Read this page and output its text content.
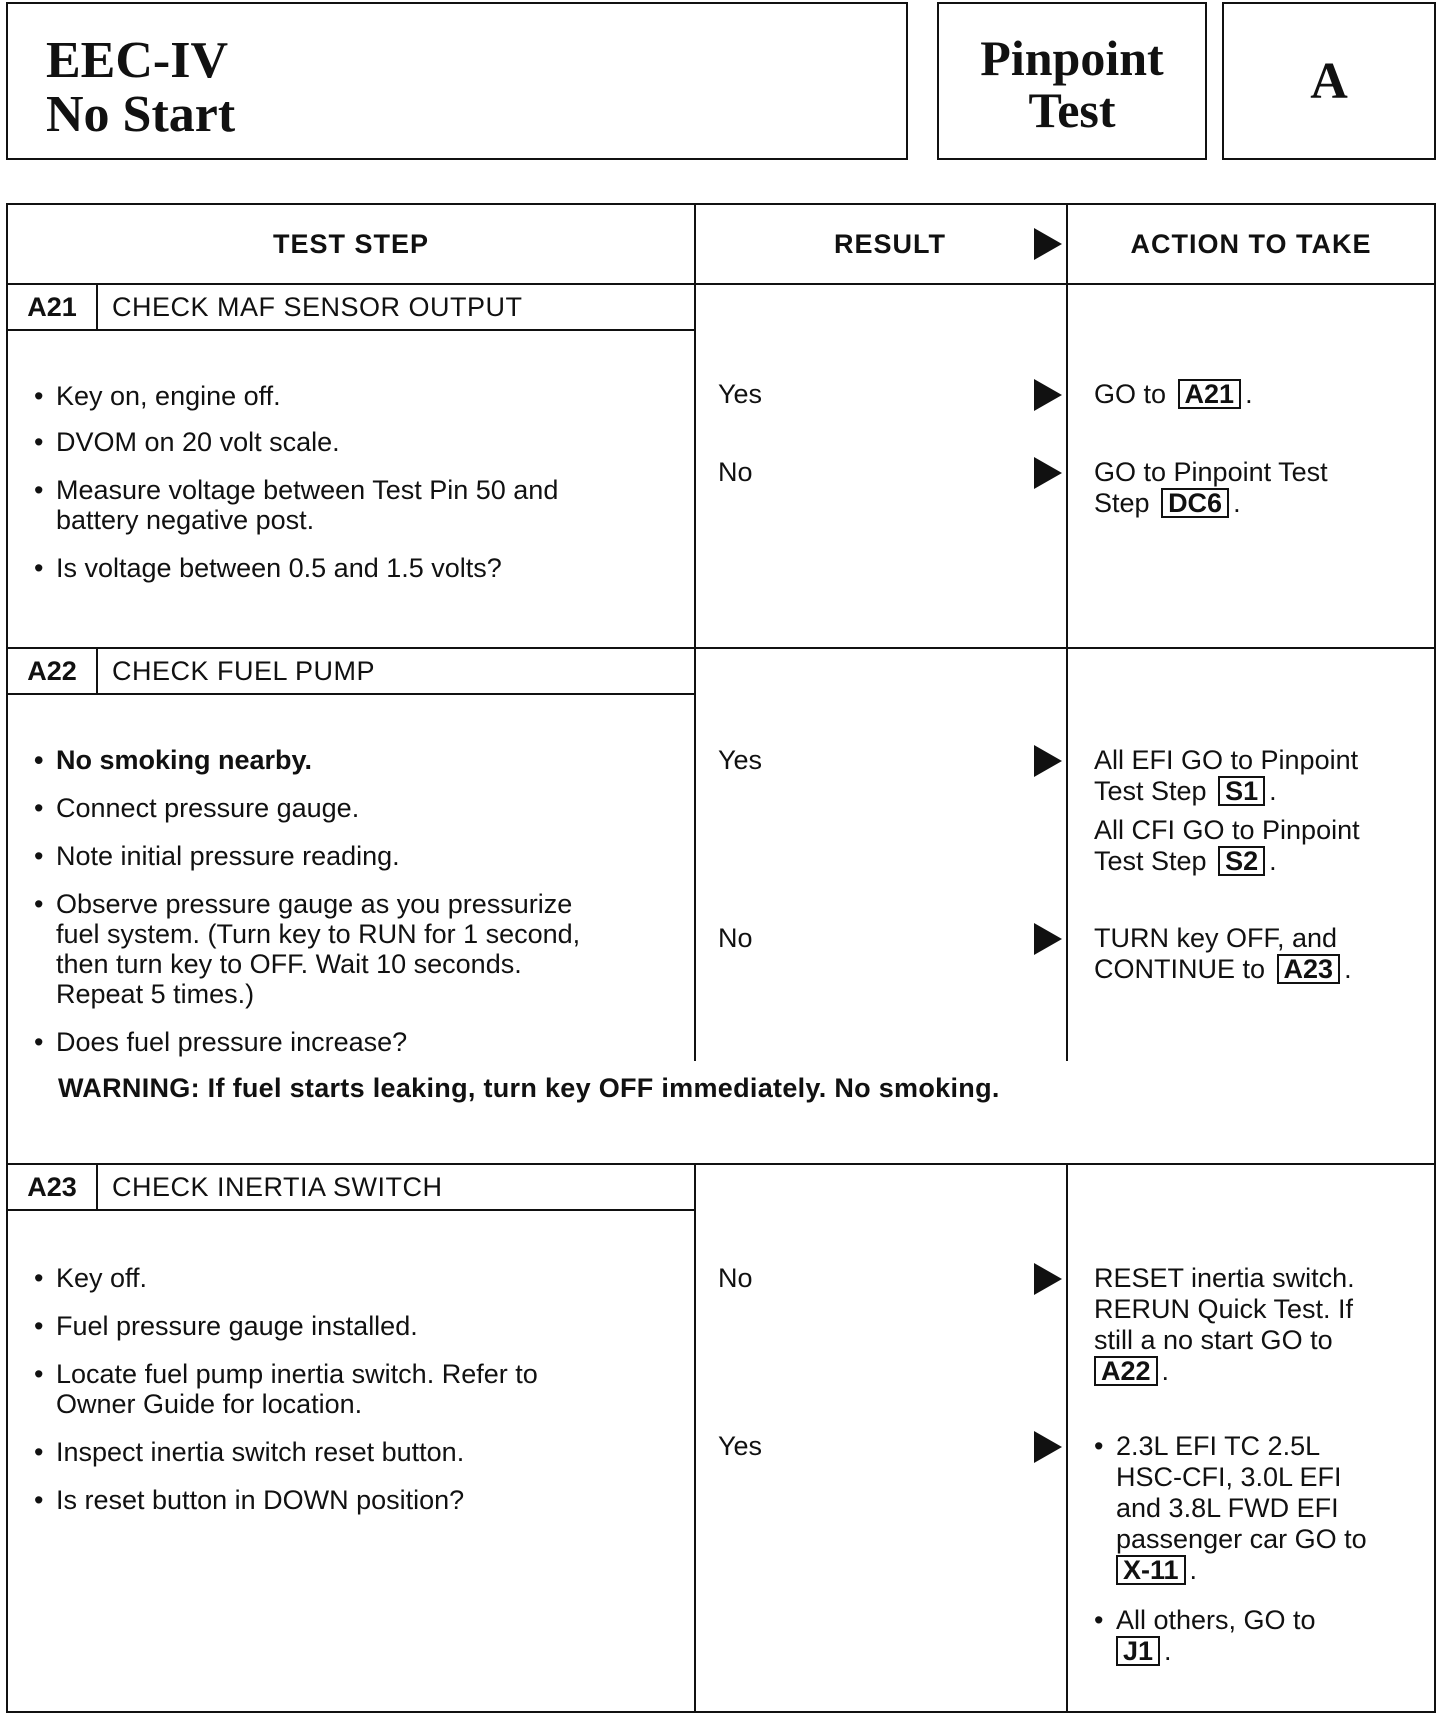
EEC-IV
No Start
Pinpoint
Test	A
TEST STEP	RESULT	ACTION TO TAKE
A21	CHECK MAF SENSOR OUTPUT
• Key on, engine off.
• DVOM on 20 volt scale.
• Measure voltage between Test Pin 50 and
battery negative post.
• Is voltage between 0.5 and 1.5 volts?
Yes	GO to A21 .
No	GO to Pinpoint Test
Step DC6 .
A22	CHECK FUEL PUMP
• No smoking nearby.
• Connect pressure gauge.
• Note initial pressure reading.
• Observe pressure gauge as you pressurize
fuel system. (Turn key to RUN for 1 second,
then turn key to OFF. Wait 10 seconds.
Repeat 5 times.)
• Does fuel pressure increase?
Yes	All EFI GO to Pinpoint
Test Step S1 .
All CFI GO to Pinpoint
Test Step S2 .
No	TURN key OFF, and
CONTINUE to A23 .
WARNING: If fuel starts leaking, turn key OFF immediately. No smoking.
A23	CHECK INERTIA SWITCH
• Key off.
• Fuel pressure gauge installed.
• Locate fuel pump inertia switch. Refer to
Owner Guide for location.
• Inspect inertia switch reset button.
• Is reset button in DOWN position?
No	RESET inertia switch.
RERUN Quick Test. If
still a no start GO to
A22 .
Yes	• 2.3L EFI TC 2.5L
HSC-CFI, 3.0L EFI
and 3.8L FWD EFI
passenger car GO to
X-11 .
• All others, GO to
J1 .
